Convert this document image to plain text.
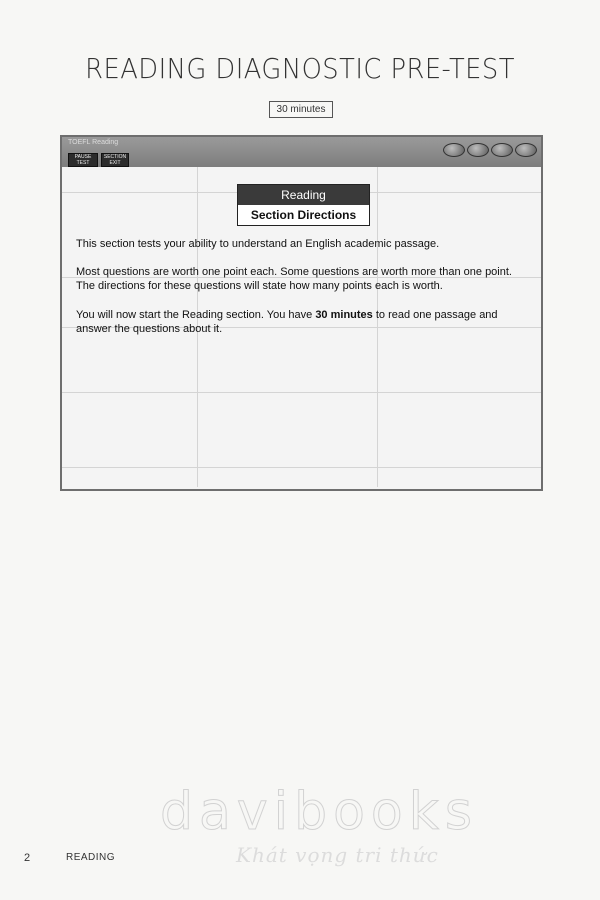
READING DIAGNOSTIC PRE-TEST
30 minutes
TOEFL Reading
PAUSE
TEST
SECTION
EXIT
Reading
Section Directions
This section tests your ability to understand an English academic passage.
Most questions are worth one point each. Some questions are worth more than one point. The directions for these questions will state how many points each is worth.
You will now start the Reading section. You have 30 minutes to read one passage and answer the questions about it.
davibooks
Khát vọng tri thức
2	READING
